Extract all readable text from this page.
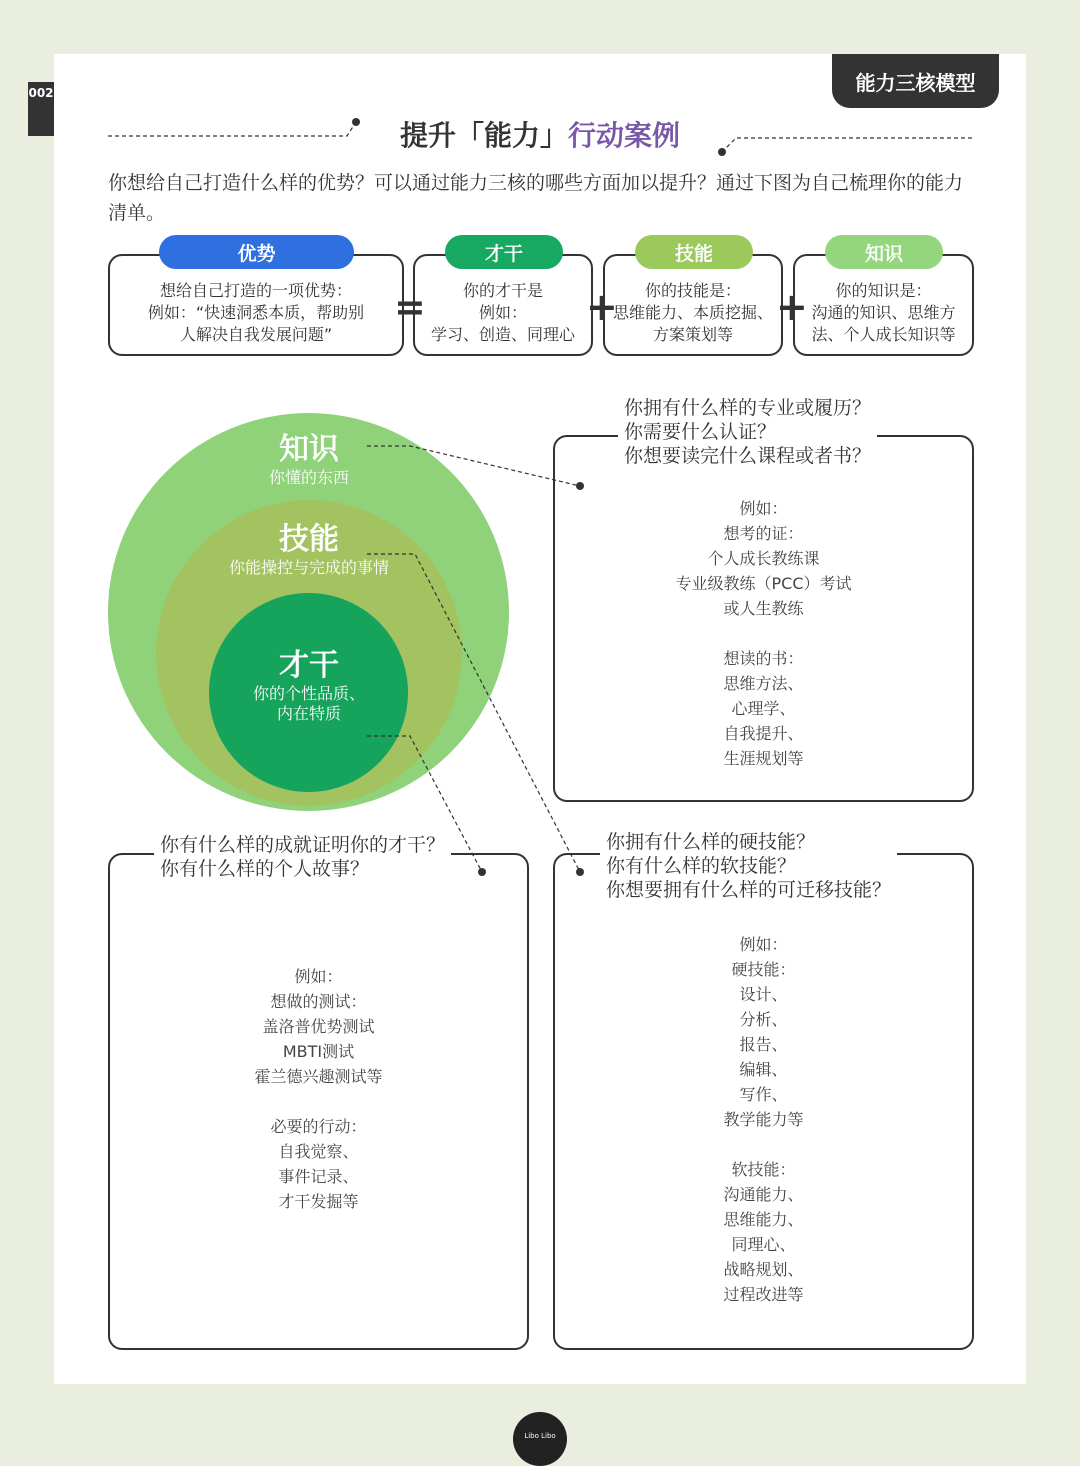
002	能力三核模型
提升「能力」行动案例
你想给自己打造什么样的优势？可以通过能力三核的哪些方面加以提升？通过下图为自己梳理你的能力清单。
想给自己打造的一项优势：
例如：“快速洞悉本质，帮助别
人解决自我发展问题”
优势
你的才干是
例如：
学习、创造、同理心
才干
你的技能是：
思维能力、本质挖掘、
方案策划等
技能
你的知识是：
沟通的知识、思维方
法、个人成长知识等
知识
=	+	+
知识
你懂的东西
技能
你能操控与完成的事情
才干
你的个性品质、
内在特质
你拥有什么样的专业或履历？
你需要什么认证？
你想要读完什么课程或者书？
例如：
想考的证：
个人成长教练课
专业级教练（PCC）考试
或人生教练
想读的书：
思维方法、
心理学、
自我提升、
生涯规划等
你有什么样的成就证明你的才干？
你有什么样的个人故事？
例如：
想做的测试：
盖洛普优势测试
MBTI测试
霍兰德兴趣测试等
必要的行动：
自我觉察、
事件记录、
才干发掘等
你拥有什么样的硬技能？
你有什么样的软技能？
你想要拥有什么样的可迁移技能？
例如：
硬技能：
设计、
分析、
报告、
编辑、
写作、
教学能力等
软技能：
沟通能力、
思维能力、
同理心、
战略规划、
过程改进等
Libo Libo
